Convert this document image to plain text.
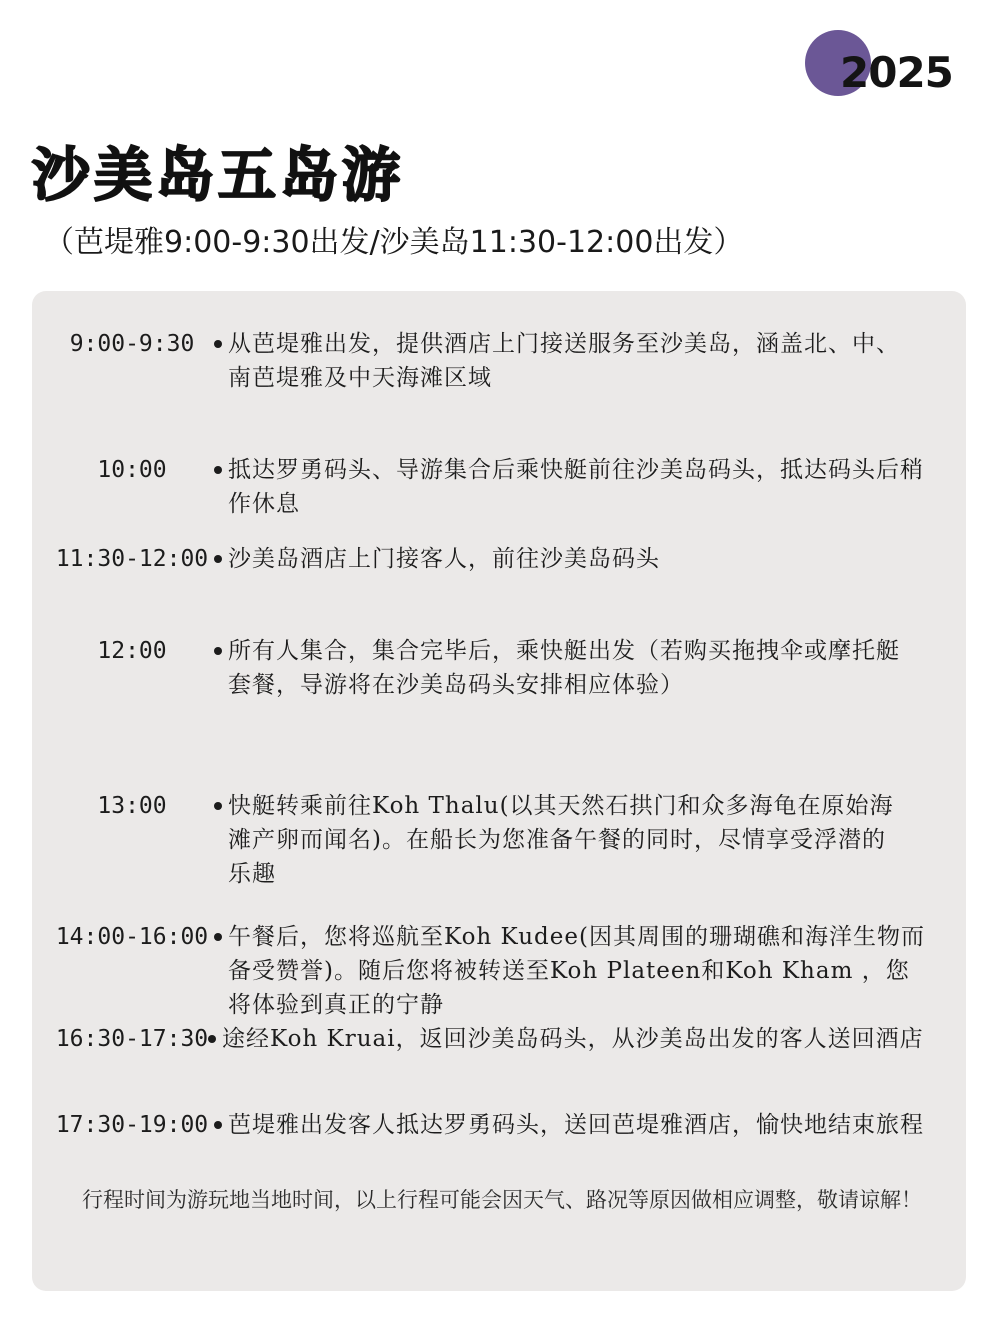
2025
沙美岛五岛游
（芭堤雅9:00-9:30出发/沙美岛11:30-12:00出发）
9:00-9:30	从芭堤雅出发，提供酒店上门接送服务至沙美岛，涵盖北、中、南芭堤雅及中天海滩区域
10:00	抵达罗勇码头、导游集合后乘快艇前往沙美岛码头，抵达码头后稍作休息
11:30-12:00 沙美岛酒店上门接客人，前往沙美岛码头
12:00	所有人集合，集合完毕后，乘快艇出发（若购买拖拽伞或摩托艇套餐，导游将在沙美岛码头安排相应体验）
13:00	快艇转乘前往Koh Thalu(以其天然石拱门和众多海龟在原始海滩产卵而闻名)。在船长为您准备午餐的同时，尽情享受浮潜的乐趣
14:00-16:00 午餐后，您将巡航至Koh Kudee(因其周围的珊瑚礁和海洋生物而备受赞誉)。随后您将被转送至Koh Plateen和Koh Kham ，您将体验到真正的宁静
16:30-17:30 途经Koh Kruai，返回沙美岛码头，从沙美岛出发的客人送回酒店
17:30-19:00 芭堤雅出发客人抵达罗勇码头，送回芭堤雅酒店，愉快地结束旅程
行程时间为游玩地当地时间，以上行程可能会因天气、路况等原因做相应调整，敬请谅解！
